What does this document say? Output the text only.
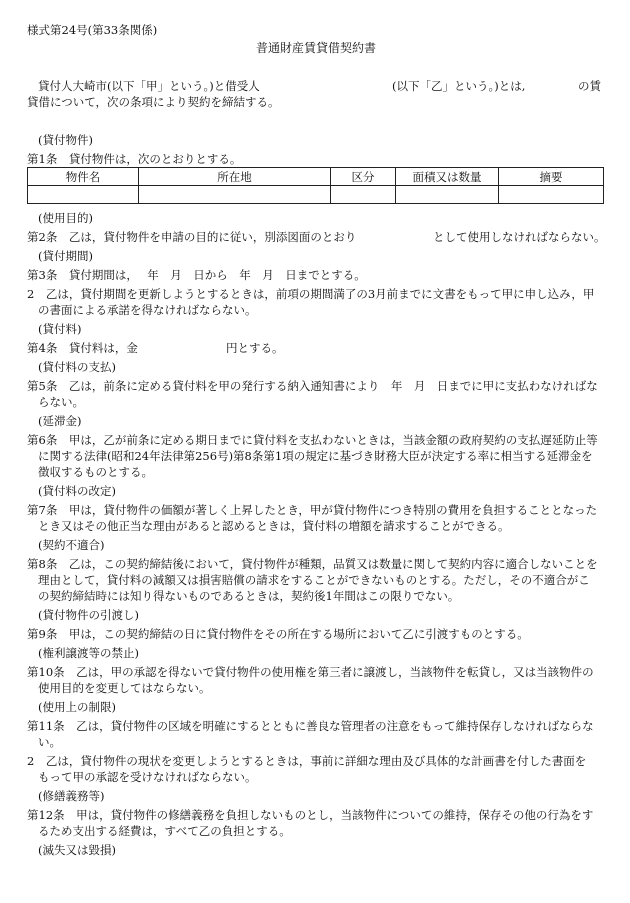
様式第24号(第33条関係)
普通財産賃貸借契約書
貸付人大崎市(以下「甲」という。)と借受人	(以下「乙」という。)とは,	の賃
貸借について，次の条項により契約を締結する。
物件名	所在地	区分	面積又は数量	摘要

(貸付物件)
第1条　貸付物件は，次のとおりとする。
(使用目的)
第2条　乙は，貸付物件を申請の目的に従い，別添図面のとおり	として使用しなければならない。
(貸付期間)
第3条　貸付期間は，　 年　月　日から　年　月　日までとする。
2　乙は，貸付期間を更新しようとするときは，前項の期間満了の3月前までに文書をもって甲に申し込み，甲
の書面による承諾を得なければならない。
(貸付料)
第4条　貸付料は，金	円とする。
(貸付料の支払)
第5条　乙は，前条に定める貸付料を甲の発行する納入通知書により　年　月　日までに甲に支払わなければな
らない。
(延滞金)
第6条　甲は，乙が前条に定める期日までに貸付料を支払わないときは，当該金額の政府契約の支払遅延防止等
に関する法律(昭和24年法律第256号)第8条第1項の規定に基づき財務大臣が決定する率に相当する延滞金を
徴収するものとする。
(貸付料の改定)
第7条　甲は，貸付物件の価額が著しく上昇したとき，甲が貸付物件につき特別の費用を負担することとなった
とき又はその他正当な理由があると認めるときは，貸付料の増額を請求することができる。
(契約不適合)
第8条　乙は，この契約締結後において，貸付物件が種類，品質又は数量に関して契約内容に適合しないことを
理由として，貸付料の減額又は損害賠償の請求をすることができないものとする。ただし，その不適合がこ
の契約締結時には知り得ないものであるときは，契約後1年間はこの限りでない。
(貸付物件の引渡し)
第9条　甲は，この契約締結の日に貸付物件をその所在する場所において乙に引渡すものとする。
(権利譲渡等の禁止)
第10条　乙は，甲の承認を得ないで貸付物件の使用権を第三者に譲渡し，当該物件を転貸し，又は当該物件の
使用目的を変更してはならない。
(使用上の制限)
第11条　乙は，貸付物件の区域を明確にするとともに善良な管理者の注意をもって維持保存しなければならな
い。
2　乙は，貸付物件の現状を変更しようとするときは，事前に詳細な理由及び具体的な計画書を付した書面を
もって甲の承認を受けなければならない。
(修繕義務等)
第12条　甲は，貸付物件の修繕義務を負担しないものとし，当該物件についての維持，保存その他の行為をす
るため支出する経費は，すべて乙の負担とする。
(滅失又は毀損)
